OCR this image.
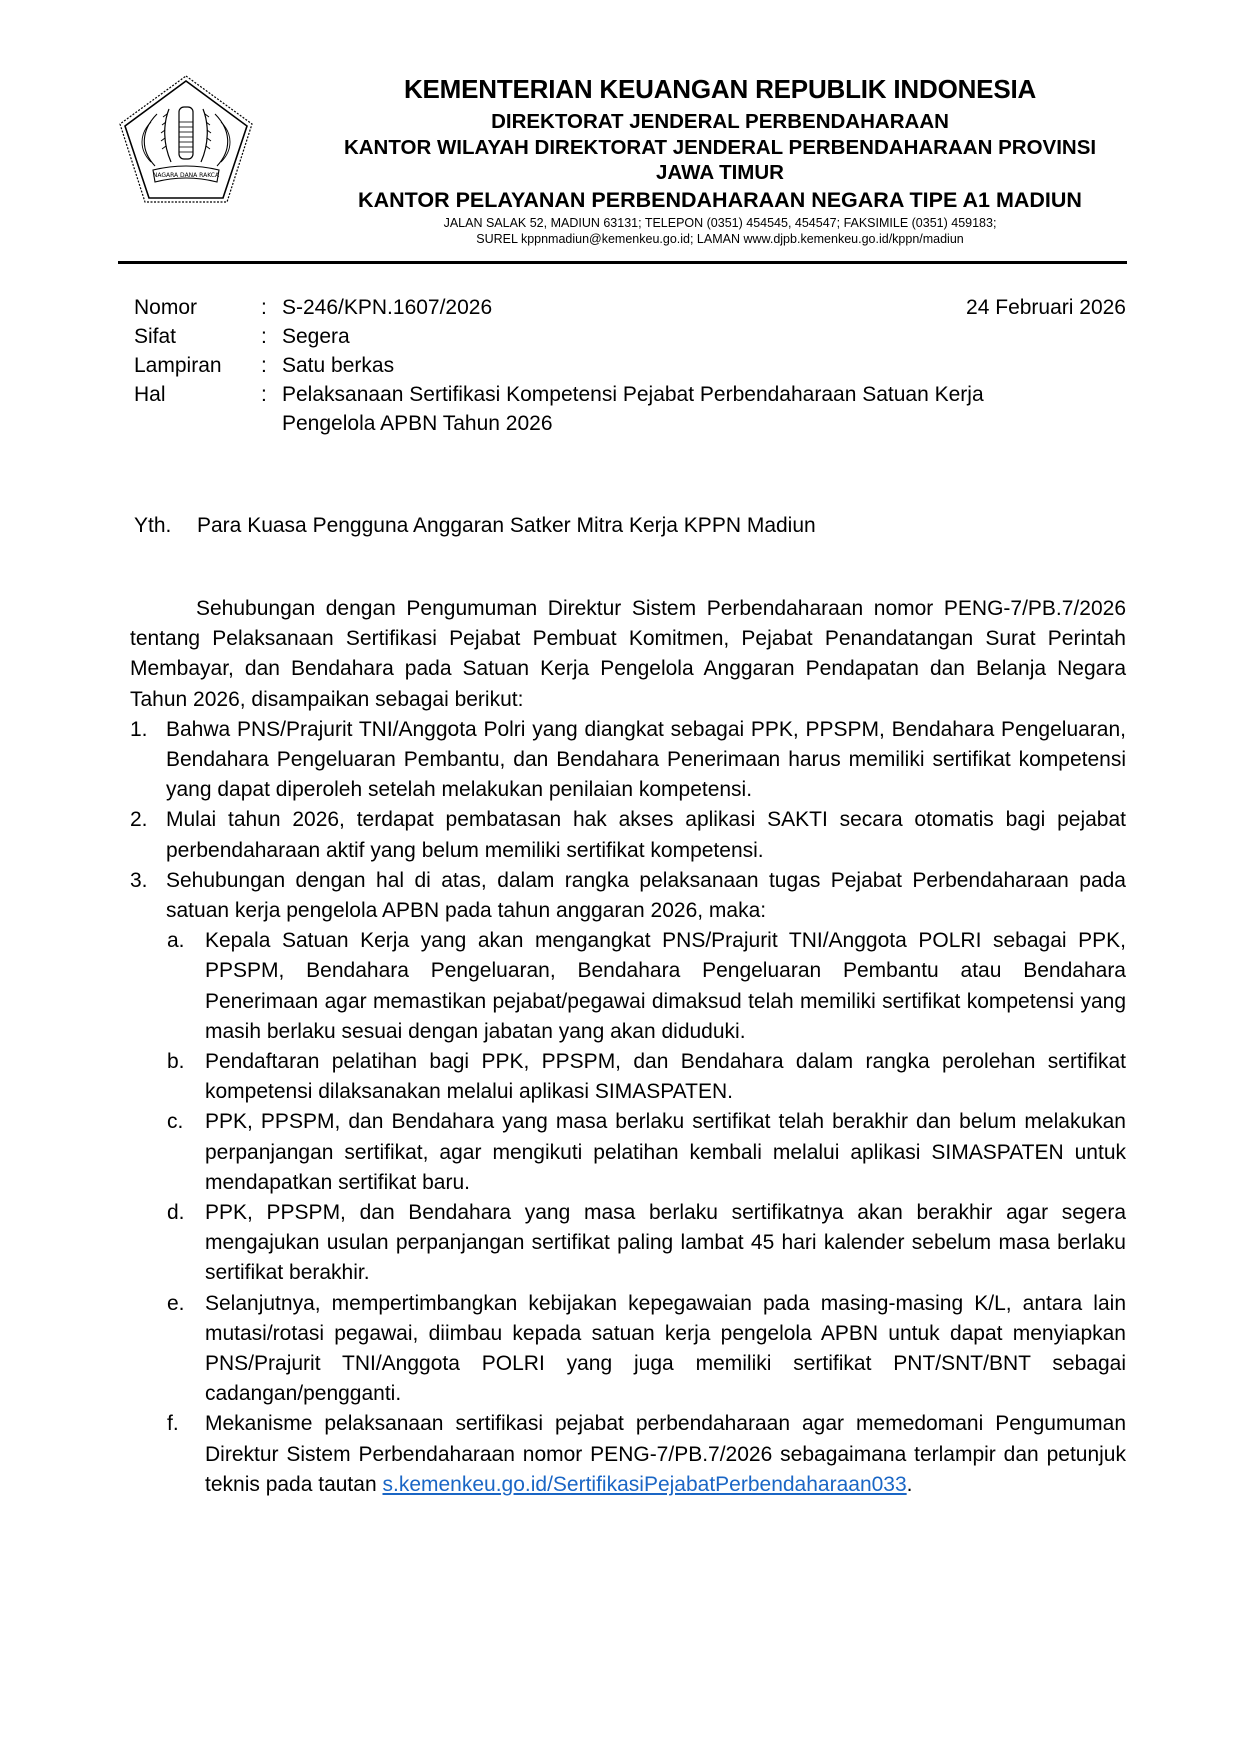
NAGARA DANA RAKCA
KEMENTERIAN KEUANGAN REPUBLIK INDONESIA
DIREKTORAT JENDERAL PERBENDAHARAAN
KANTOR WILAYAH DIREKTORAT JENDERAL PERBENDAHARAAN PROVINSI
JAWA TIMUR
KANTOR PELAYANAN PERBENDAHARAAN NEGARA TIPE A1 MADIUN
JALAN SALAK 52, MADIUN 63131; TELEPON (0351) 454545, 454547; FAKSIMILE (0351) 459183;
SUREL kppnmadiun@kemenkeu.go.id; LAMAN www.djpb.kemenkeu.go.id/kppn/madiun
Nomor	: S-246/KPN.1607/2026	24 Februari 2026
Sifat	: Segera
Lampiran : Satu berkas
Hal	: Pelaksanaan Sertifikasi Kompetensi Pejabat Perbendaharaan Satuan Kerja
Pengelola APBN Tahun 2026
Yth. Para Kuasa Pengguna Anggaran Satker Mitra Kerja KPPN Madiun

Sehubungan dengan Pengumuman Direktur Sistem Perbendaharaan nomor PENG-7/PB.7/2026 tentang Pelaksanaan Sertifikasi Pejabat Pembuat Komitmen, Pejabat Penandatangan Surat Perintah Membayar, dan Bendahara pada Satuan Kerja Pengelola Anggaran Pendapatan dan Belanja Negara Tahun 2026, disampaikan sebagai berikut:

1. Bahwa PNS/Prajurit TNI/Anggota Polri yang diangkat sebagai PPK, PPSPM, Bendahara Pengeluaran, Bendahara Pengeluaran Pembantu, dan Bendahara Penerimaan harus memiliki sertifikat kompetensi yang dapat diperoleh setelah melakukan penilaian kompetensi.
2. Mulai tahun 2026, terdapat pembatasan hak akses aplikasi SAKTI secara otomatis bagi pejabat perbendaharaan aktif yang belum memiliki sertifikat kompetensi.
3. Sehubungan dengan hal di atas, dalam rangka pelaksanaan tugas Pejabat Perbendaharaan pada satuan kerja pengelola APBN pada tahun anggaran 2026, maka:
a. Kepala Satuan Kerja yang akan mengangkat PNS/Prajurit TNI/Anggota POLRI sebagai PPK, PPSPM, Bendahara Pengeluaran, Bendahara Pengeluaran Pembantu atau Bendahara Penerimaan agar memastikan pejabat/pegawai dimaksud telah memiliki sertifikat kompetensi yang masih berlaku sesuai dengan jabatan yang akan diduduki.
b. Pendaftaran pelatihan bagi PPK, PPSPM, dan Bendahara dalam rangka perolehan sertifikat kompetensi dilaksanakan melalui aplikasi SIMASPATEN.
c. PPK, PPSPM, dan Bendahara yang masa berlaku sertifikat telah berakhir dan belum melakukan perpanjangan sertifikat, agar mengikuti pelatihan kembali melalui aplikasi SIMASPATEN untuk mendapatkan sertifikat baru.
d. PPK, PPSPM, dan Bendahara yang masa berlaku sertifikatnya akan berakhir agar segera mengajukan usulan perpanjangan sertifikat paling lambat 45 hari kalender sebelum masa berlaku sertifikat berakhir.
e. Selanjutnya, mempertimbangkan kebijakan kepegawaian pada masing-masing K/L, antara lain mutasi/rotasi pegawai, diimbau kepada satuan kerja pengelola APBN untuk dapat menyiapkan PNS/Prajurit TNI/Anggota POLRI yang juga memiliki sertifikat PNT/SNT/BNT sebagai cadangan/pengganti.
f. Mekanisme pelaksanaan sertifikasi pejabat perbendaharaan agar memedomani Pengumuman Direktur Sistem Perbendaharaan nomor PENG-7/PB.7/2026 sebagaimana terlampir dan petunjuk teknis pada tautan s.kemenkeu.go.id/SertifikasiPejabatPerbendaharaan033.
